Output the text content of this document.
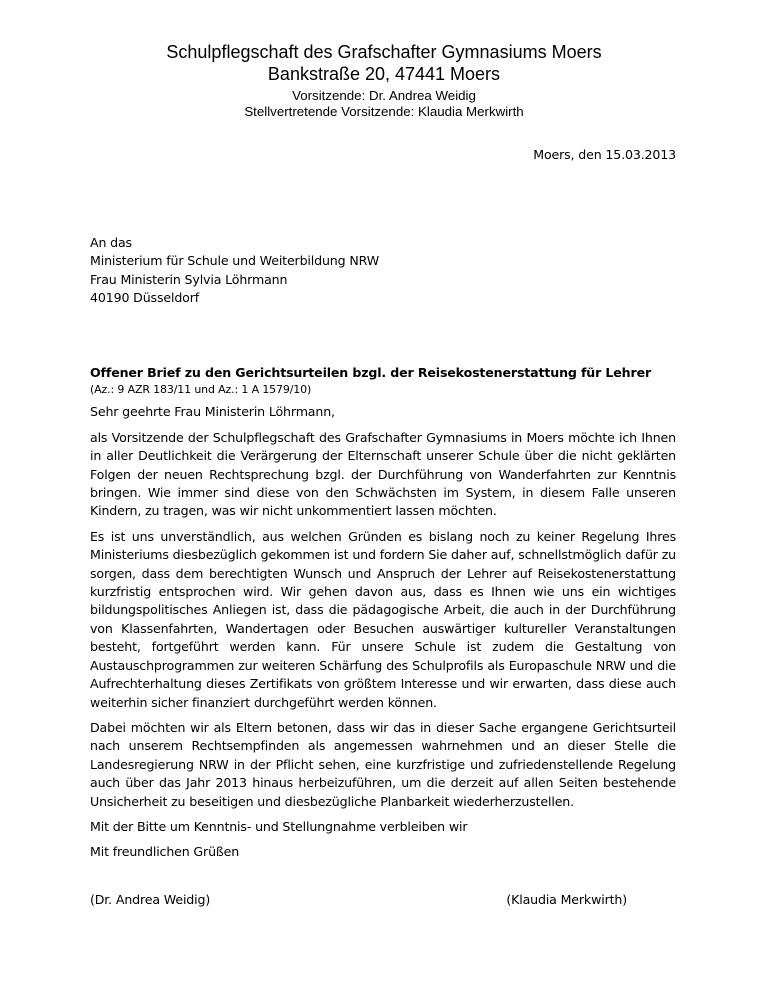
Schulpflegschaft des Grafschafter Gymnasiums Moers
Bankstraße 20, 47441 Moers
Vorsitzende: Dr. Andrea Weidig
Stellvertretende Vorsitzende: Klaudia Merkwirth
Moers, den 15.03.2013
An das
Ministerium für Schule und Weiterbildung NRW
Frau Ministerin Sylvia Löhrmann
40190 Düsseldorf

Offener Brief zu den Gerichtsurteilen bzgl. der Reisekostenerstattung für Lehrer

(Az.: 9 AZR 183/11 und Az.: 1 A 1579/10)

Sehr geehrte Frau Ministerin Löhrmann,

als Vorsitzende der Schulpflegschaft des Grafschafter Gymnasiums in Moers möchte ich Ihnen in aller Deutlichkeit die Verärgerung der Elternschaft unserer Schule über die nicht geklärten Folgen der neuen Rechtsprechung bzgl. der Durchführung von Wanderfahrten zur Kenntnis bringen. Wie immer sind diese von den Schwächsten im System, in diesem Falle unseren Kindern, zu tragen, was wir nicht unkommentiert lassen möchten.

Es ist uns unverständlich, aus welchen Gründen es bislang noch zu keiner Regelung Ihres Ministeriums diesbezüglich gekommen ist und fordern Sie daher auf, schnellstmöglich dafür zu sorgen, dass dem berechtigten Wunsch und Anspruch der Lehrer auf Reisekostenerstattung kurzfristig entsprochen wird. Wir gehen davon aus, dass es Ihnen wie uns ein wichtiges bildungspolitisches Anliegen ist, dass die pädagogische Arbeit, die auch in der Durchführung von Klassenfahrten, Wandertagen oder Besuchen auswärtiger kultureller Veranstaltungen besteht, fortgeführt werden kann. Für unsere Schule ist zudem die Gestaltung von Austauschprogrammen zur weiteren Schärfung des Schulprofils als Europaschule NRW und die Aufrechterhaltung dieses Zertifikats von größtem Interesse und wir erwarten, dass diese auch weiterhin sicher finanziert durchgeführt werden können.

Dabei möchten wir als Eltern betonen, dass wir das in dieser Sache ergangene Gerichtsurteil nach unserem Rechtsempfinden als angemessen wahrnehmen und an dieser Stelle die Landesregierung NRW in der Pflicht sehen, eine kurzfristige und zufriedenstellende Regelung auch über das Jahr 2013 hinaus herbeizuführen, um die derzeit auf allen Seiten bestehende Unsicherheit zu beseitigen und diesbezügliche Planbarkeit wiederherzustellen.

Mit der Bitte um Kenntnis- und Stellungnahme verbleiben wir

Mit freundlichen Grüßen

(Dr. Andrea Weidig)	(Klaudia Merkwirth)
